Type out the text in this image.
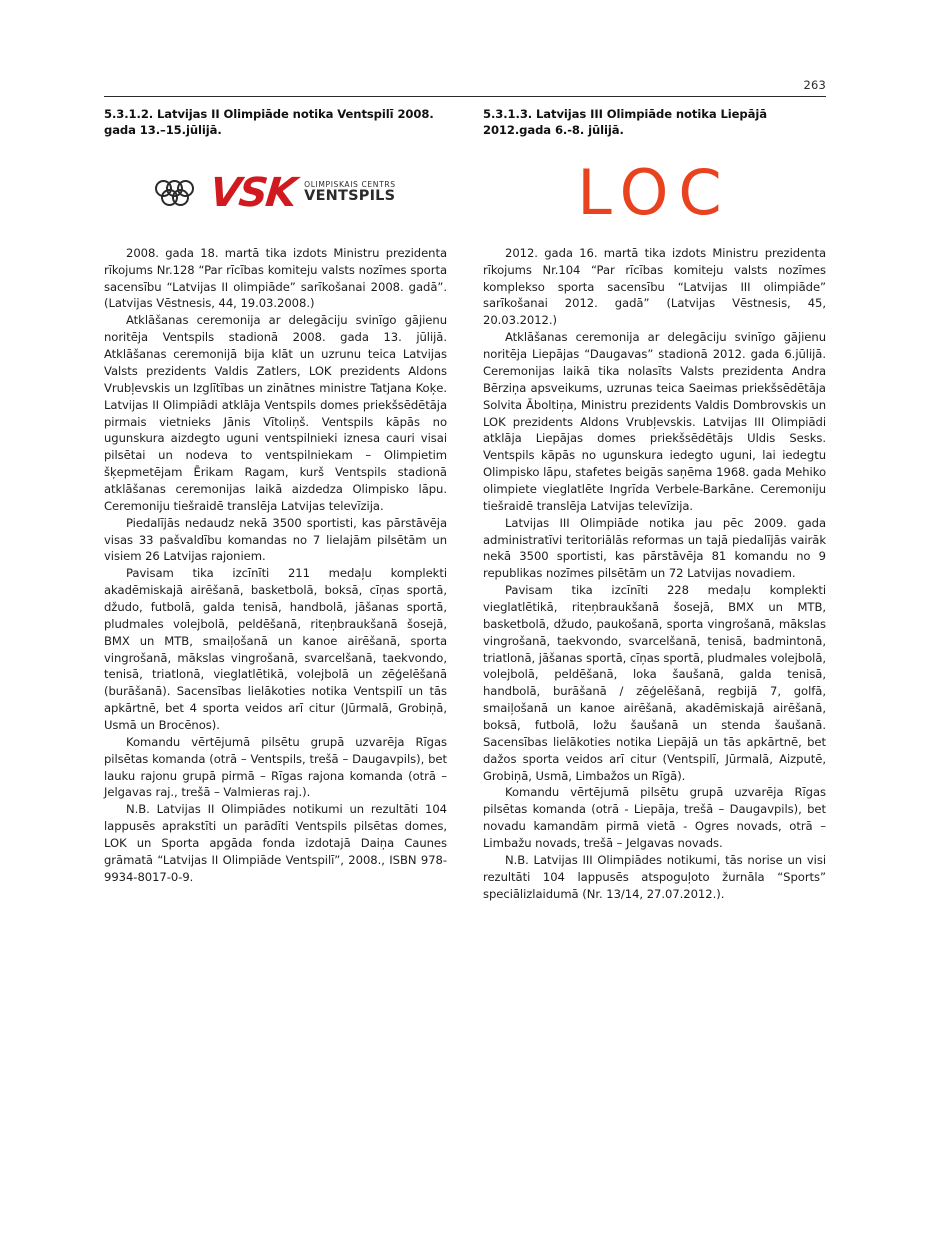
263
5.3.1.2. Latvijas II Olimpiāde notika Ventspilī 2008. gada 13.–15.jūlijā.
VSK OLIMPISKAIS CENTRS
VENTSPILS

2008. gada 18. martā tika izdots Ministru prezidenta rīkojums Nr.128 “Par rīcības komiteju valsts nozīmes sporta sacensību “Latvijas II olimpiāde” sarīkošanai 2008. gadā”. (Latvijas Vēstnesis, 44, 19.03.2008.)

Atklāšanas ceremonija ar delegāciju svinīgo gājienu noritēja Ventspils stadionā 2008. gada 13. jūlijā. Atklāšanas ceremonijā bija klāt un uzrunu teica Latvijas Valsts prezidents Valdis Zatlers, LOK prezidents Aldons Vrubļevskis un Izglītības un zinātnes ministre Tatjana Koķe. Latvijas II Olimpiādi atklāja Ventspils domes priekšsēdētāja pirmais vietnieks Jānis Vītoliņš. Ventspils kāpās no ugunskura aizdegto uguni ventspilnieki iznesa cauri visai pilsētai un nodeva to ventspilniekam – Olimpietim šķepmetējam Ērikam Ragam, kurš Ventspils stadionā atklāšanas ceremonijas laikā aizdedza Olimpisko lāpu. Ceremoniju tiešraidē translēja Latvijas televīzija.

Piedalījās nedaudz nekā 3500 sportisti, kas pārstāvēja visas 33 pašvaldību komandas no 7 lielajām pilsētām un visiem 26 Latvijas rajoniem.

Pavisam tika izcīnīti 211 medaļu komplekti akadēmiskajā airēšanā, basketbolā, boksā, cīņas sportā, džudo, futbolā, galda tenisā, handbolā, jāšanas sportā, pludmales volejbolā, peldēšanā, riteņbraukšanā šosejā, BMX un MTB, smaiļošanā un kanoe airēšanā, sporta vingrošanā, mākslas vingrošanā, svarcelšanā, taekvondo, tenisā, triatlonā, vieglatlētikā, volejbolā un zēģelēšanā (burāšanā). Sacensības lielākoties notika Ventspilī un tās apkārtnē, bet 4 sporta veidos arī citur (Jūrmalā, Grobiņā, Usmā un Brocēnos).

Komandu vērtējumā pilsētu grupā uzvarēja Rīgas pilsētas komanda (otrā – Ventspils, trešā – Daugavpils), bet lauku rajonu grupā pirmā – Rīgas rajona komanda (otrā – Jelgavas raj., trešā – Valmieras raj.).

N.B. Latvijas II Olimpiādes notikumi un rezultāti 104 lappusēs aprakstīti un parādīti Ventspils pilsētas domes, LOK un Sporta apgāda fonda izdotajā Daiņa Caunes grāmatā “Latvijas II Olimpiāde Ventspilī”, 2008., ISBN 978-9934-8017-0-9.

5.3.1.3. Latvijas III Olimpiāde notika Liepājā 2012.gada 6.-8. jūlijā.
LOC

2012. gada 16. martā tika izdots Ministru prezidenta rīkojums Nr.104 “Par rīcības komiteju valsts nozīmes komplekso sporta sacensību “Latvijas III olimpiāde” sarīkošanai 2012. gadā” (Latvijas Vēstnesis, 45, 20.03.2012.)

Atklāšanas ceremonija ar delegāciju svinīgo gājienu noritēja Liepājas “Daugavas” stadionā 2012. gada 6.jūlijā. Ceremonijas laikā tika nolasīts Valsts prezidenta Andra Bērziņa apsveikums, uzrunas teica Saeimas priekšsēdētāja Solvita Āboltiņa, Ministru prezidents Valdis Dombrovskis un LOK prezidents Aldons Vrubļevskis. Latvijas III Olimpiādi atklāja Liepājas domes priekšsēdētājs Uldis Sesks. Ventspils kāpās no ugunskura iedegto uguni, lai iedegtu Olimpisko lāpu, stafetes beigās saņēma 1968. gada Mehiko olimpiete vieglatlēte Ingrīda Verbele-Barkāne. Ceremoniju tiešraidē translēja Latvijas televīzija.

Latvijas III Olimpiāde notika jau pēc 2009. gada administratīvi teritoriālās reformas un tajā piedalījās vairāk nekā 3500 sportisti, kas pārstāvēja 81 komandu no 9 republikas nozīmes pilsētām un 72 Latvijas novadiem.

Pavisam tika izcīnīti 228 medaļu komplekti vieglatlētikā, riteņbraukšanā šosejā, BMX un MTB, basketbolā, džudo, paukošanā, sporta vingrošanā, mākslas vingrošanā, taekvondo, svarcelšanā, tenisā, badmintonā, triatlonā, jāšanas sportā, cīņas sportā, pludmales volejbolā, volejbolā, peldēšanā, loka šaušanā, galda tenisā, handbolā, burāšanā / zēģelēšanā, regbijā 7, golfā, smaiļošanā un kanoe airēšanā, akadēmiskajā airēšanā, boksā, futbolā, ložu šaušanā un stenda šaušanā. Sacensības lielākoties notika Liepājā un tās apkārtnē, bet dažos sporta veidos arī citur (Ventspilī, Jūrmalā, Aizputē, Grobiņā, Usmā, Limbažos un Rīgā).

Komandu vērtējumā pilsētu grupā uzvarēja Rīgas pilsētas komanda (otrā - Liepāja, trešā – Daugavpils), bet novadu kamandām pirmā vietā - Ogres novads, otrā – Limbažu novads, trešā – Jelgavas novads.

N.B. Latvijas III Olimpiādes notikumi, tās norise un visi rezultāti 104 lappusēs atspoguļoto žurnāla “Sports” speciālizlaidumā (Nr. 13/14, 27.07.2012.).
